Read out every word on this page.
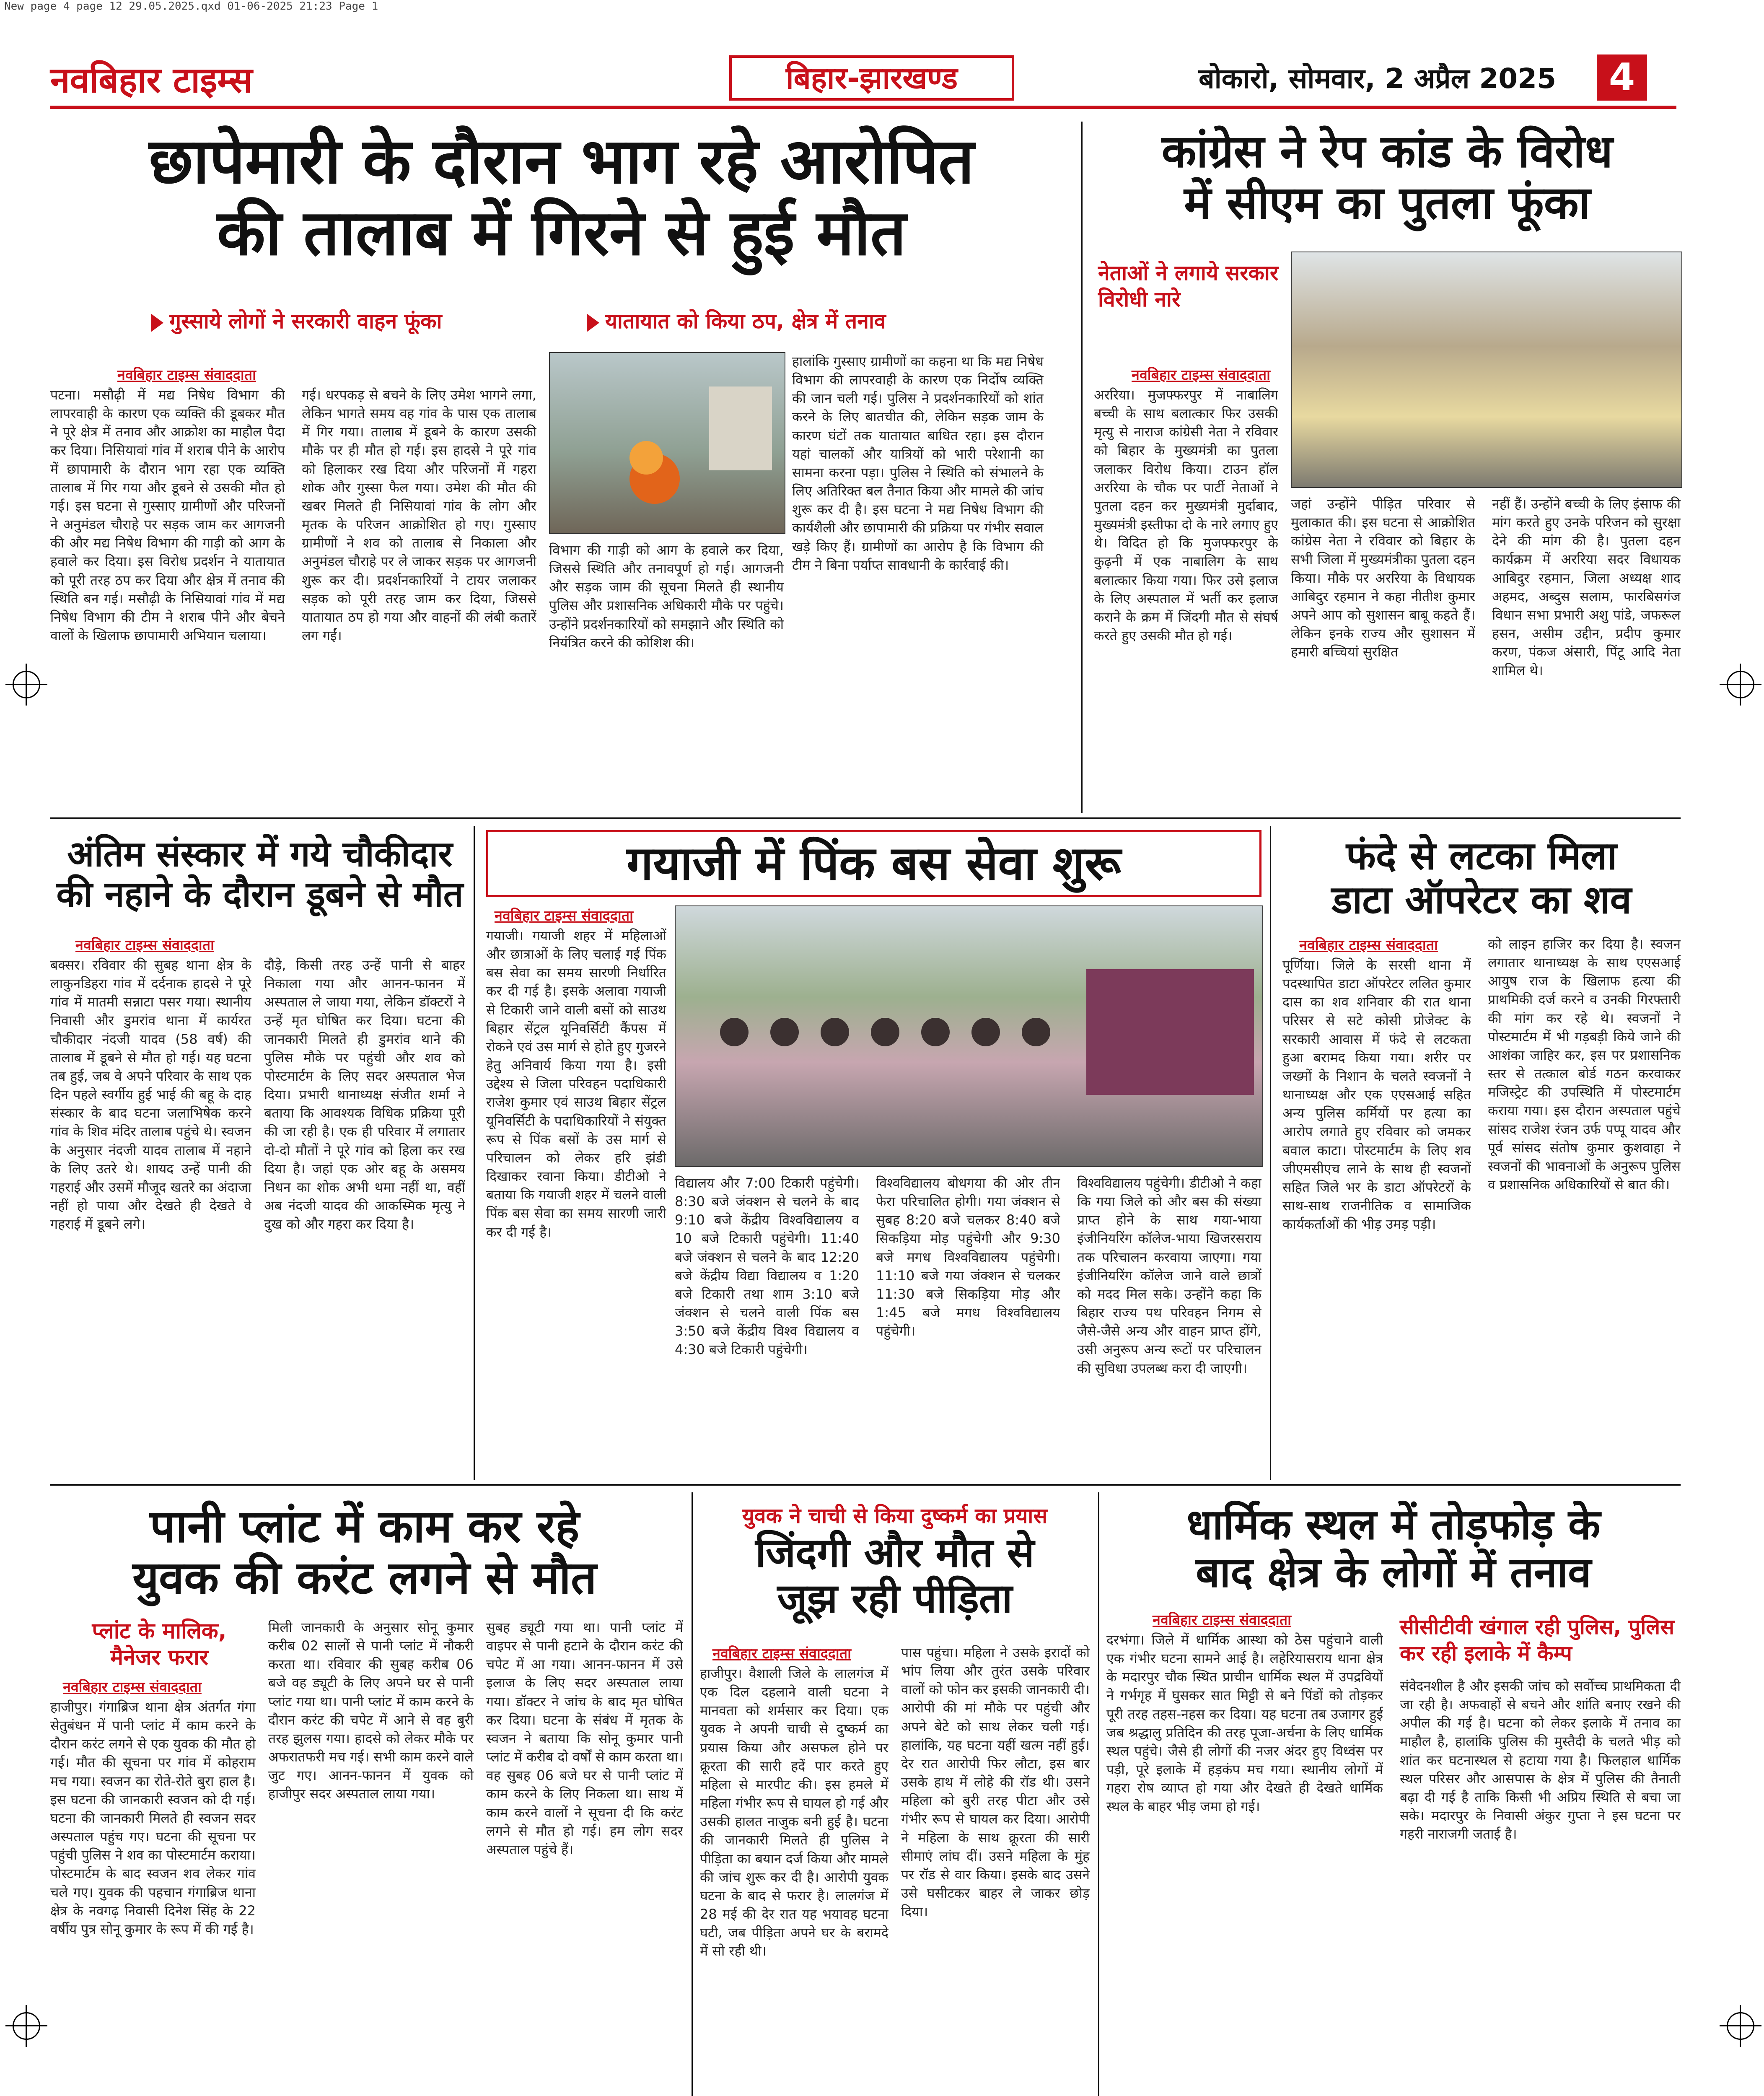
New page 4_page 12 29.05.2025.qxd 01-06-2025 21:23 Page 1
नवबिहार टाइम्स	बिहार-झारखण्ड	बोकारो, सोमवार, 2 अप्रैल 2025	4
छापेमारी के दौरान भाग रहे आरोपित
की तालाब में गिरने से हुई मौत
गुस्साये लोगों ने सरकारी वाहन फूंका	यातायात को किया ठप, क्षेत्र में तनाव
नवबिहार टाइम्स संवाददाता
पटना। मसौढ़ी में मद्य निषेध विभाग की लापरवाही के कारण एक व्यक्ति की डूबकर मौत ने पूरे क्षेत्र में तनाव और आक्रोश का माहौल पैदा कर दिया। निसियावां गांव में शराब पीने के आरोप में छापामारी के दौरान भाग रहा एक व्यक्ति तालाब में गिर गया और डूबने से उसकी मौत हो गई। इस घटना से गुस्साए ग्रामीणों और परिजनों ने अनुमंडल चौराहे पर सड़क जाम कर आगजनी की और मद्य निषेध विभाग की गाड़ी को आग के हवाले कर दिया। इस विरोध प्रदर्शन ने यातायात को पूरी तरह ठप कर दिया और क्षेत्र में तनाव की स्थिति बन गई। मसौढ़ी के निसियावां गांव में मद्य निषेध विभाग की टीम ने शराब पीने और बेचने वालों के खिलाफ छापामारी अभियान चलाया।
गई। धरपकड़ से बचने के लिए उमेश भागने लगा, लेकिन भागते समय वह गांव के पास एक तालाब में गिर गया। तालाब में डूबने के कारण उसकी मौके पर ही मौत हो गई। इस हादसे ने पूरे गांव को हिलाकर रख दिया और परिजनों में गहरा शोक और गुस्सा फैल गया। उमेश की मौत की खबर मिलते ही निसियावां गांव के लोग और मृतक के परिजन आक्रोशित हो गए। गुस्साए ग्रामीणों ने शव को तालाब से निकाला और अनुमंडल चौराहे पर ले जाकर सड़क पर आगजनी शुरू कर दी। प्रदर्शनकारियों ने टायर जलाकर सड़क को पूरी तरह जाम कर दिया, जिससे यातायात ठप हो गया और वाहनों की लंबी कतारें लग गईं।
हालांकि गुस्साए ग्रामीणों का कहना था कि मद्य निषेध विभाग की लापरवाही के कारण एक निर्दोष व्यक्ति की जान चली गई। पुलिस ने प्रदर्शनकारियों को शांत करने के लिए बातचीत की, लेकिन सड़क जाम के कारण घंटों तक यातायात बाधित रहा। इस दौरान यहां चालकों और यात्रियों को भारी परेशानी का सामना करना पड़ा। पुलिस ने स्थिति को संभालने के लिए अतिरिक्त बल तैनात किया और मामले की जांच शुरू कर दी है। इस घटना ने मद्य निषेध विभाग की कार्यशैली और छापामारी की प्रक्रिया पर गंभीर सवाल खड़े किए हैं। ग्रामीणों का आरोप है कि विभाग की टीम ने बिना पर्याप्त सावधानी के कार्रवाई की।
विभाग की गाड़ी को आग के हवाले कर दिया, जिससे स्थिति और तनावपूर्ण हो गई। आगजनी और सड़क जाम की सूचना मिलते ही स्थानीय पुलिस और प्रशासनिक अधिकारी मौके पर पहुंचे। उन्होंने प्रदर्शनकारियों को समझाने और स्थिति को नियंत्रित करने की कोशिश की।
कांग्रेस ने रेप कांड के विरोध
में सीएम का पुतला फूंका
नेताओं ने लगाये सरकार विरोधी नारे
नवबिहार टाइम्स संवाददाता
अररिया। मुजफ्फरपुर में नाबालिग बच्ची के साथ बलात्कार फिर उसकी मृत्यु से नाराज कांग्रेसी नेता ने रविवार को बिहार के मुख्यमंत्री का पुतला जलाकर विरोध किया। टाउन हॉल अररिया के चौक पर पार्टी नेताओं ने पुतला दहन कर मुख्यमंत्री मुर्दाबाद, मुख्यमंत्री इस्तीफा दो के नारे लगाए हुए थे। विदित हो कि मुजफ्फरपुर के कुढ़नी में एक नाबालिग के साथ बलात्कार किया गया। फिर उसे इलाज के लिए अस्पताल में भर्ती कर इलाज कराने के क्रम में जिंदगी मौत से संघर्ष करते हुए उसकी मौत हो गई।
जहां उन्होंने पीड़ित परिवार से मुलाकात की। इस घटना से आक्रोशित कांग्रेस नेता ने रविवार को बिहार के सभी जिला में मुख्यमंत्रीका पुतला दहन किया। मौके पर अररिया के विधायक आबिदुर रहमान ने कहा नीतीश कुमार अपने आप को सुशासन बाबू कहते हैं। लेकिन इनके राज्य और सुशासन में हमारी बच्चियां सुरक्षित
नहीं हैं। उन्होंने बच्ची के लिए इंसाफ की मांग करते हुए उनके परिजन को सुरक्षा देने की मांग की है। पुतला दहन कार्यक्रम में अररिया सदर विधायक आबिदुर रहमान, जिला अध्यक्ष शाद अहमद, अब्दुस सलाम, फारबिसगंज विधान सभा प्रभारी अशु पांडे, जफरूल हसन, असीम उद्दीन, प्रदीप कुमार करण, पंकज अंसारी, पिंटू आदि नेता शामिल थे।
अंतिम संस्कार में गये चौकीदार
की नहाने के दौरान डूबने से मौत
नवबिहार टाइम्स संवाददाता
बक्सर। रविवार की सुबह थाना क्षेत्र के लाकुनडिहरा गांव में दर्दनाक हादसे ने पूरे गांव में मातमी सन्नाटा पसर गया। स्थानीय निवासी और डुमरांव थाना में कार्यरत चौकीदार नंदजी यादव (58 वर्ष) की तालाब में डूबने से मौत हो गई। यह घटना तब हुई, जब वे अपने परिवार के साथ एक दिन पहले स्वर्गीय हुई भाई की बहू के दाह संस्कार के बाद घटना जलाभिषेक करने गांव के शिव मंदिर तालाब पहुंचे थे। स्वजन के अनुसार नंदजी यादव तालाब में नहाने के लिए उतरे थे। शायद उन्हें पानी की गहराई और उसमें मौजूद खतरे का अंदाजा नहीं हो पाया और देखते ही देखते वे गहराई में डूबने लगे।
दौड़े, किसी तरह उन्हें पानी से बाहर निकाला गया और आनन-फानन में अस्पताल ले जाया गया, लेकिन डॉक्टरों ने उन्हें मृत घोषित कर दिया। घटना की जानकारी मिलते ही डुमरांव थाने की पुलिस मौके पर पहुंची और शव को पोस्टमार्टम के लिए सदर अस्पताल भेज दिया। प्रभारी थानाध्यक्ष संजीत शर्मा ने बताया कि आवश्यक विधिक प्रक्रिया पूरी की जा रही है। एक ही परिवार में लगातार दो-दो मौतों ने पूरे गांव को हिला कर रख दिया है। जहां एक ओर बहू के असमय निधन का शोक अभी थमा नहीं था, वहीं अब नंदजी यादव की आकस्मिक मृत्यु ने दुख को और गहरा कर दिया है।
गयाजी में पिंक बस सेवा शुरू
नवबिहार टाइम्स संवाददाता
गयाजी। गयाजी शहर में महिलाओं और छात्राओं के लिए चलाई गई पिंक बस सेवा का समय सारणी निर्धारित कर दी गई है। इसके अलावा गयाजी से टिकारी जाने वाली बसों को साउथ बिहार सेंट्रल यूनिवर्सिटी कैंपस में रोकने एवं उस मार्ग से होते हुए गुजरने हेतु अनिवार्य किया गया है। इसी उद्देश्य से जिला परिवहन पदाधिकारी राजेश कुमार एवं साउथ बिहार सेंट्रल यूनिवर्सिटी के पदाधिकारियों ने संयुक्त रूप से पिंक बसों के उस मार्ग से परिचालन को लेकर हरि झंडी दिखाकर रवाना किया। डीटीओ ने बताया कि गयाजी शहर में चलने वाली पिंक बस सेवा का समय सारणी जारी कर दी गई है।
विद्यालय और 7:00 टिकारी पहुंचेगी। 8:30 बजे जंक्शन से चलने के बाद 9:10 बजे केंद्रीय विश्वविद्यालय व 10 बजे टिकारी पहुंचेगी। 11:40 बजे जंक्शन से चलने के बाद 12:20 बजे केंद्रीय विद्या विद्यालय व 1:20 बजे टिकारी तथा शाम 3:10 बजे जंक्शन से चलने वाली पिंक बस 3:50 बजे केंद्रीय विश्व विद्यालय व 4:30 बजे टिकारी पहुंचेगी।
विश्वविद्यालय बोधगया की ओर तीन फेरा परिचालित होगी। गया जंक्शन से सुबह 8:20 बजे चलकर 8:40 बजे सिकड़िया मोड़ पहुंचेगी और 9:30 बजे मगध विश्वविद्यालय पहुंचेगी। 11:10 बजे गया जंक्शन से चलकर 11:30 बजे सिकड़िया मोड़ और 1:45 बजे मगध विश्वविद्यालय पहुंचेगी।
विश्वविद्यालय पहुंचेगी। डीटीओ ने कहा कि गया जिले को और बस की संख्या प्राप्त होने के साथ गया-भाया इंजीनियरिंग कॉलेज-भाया खिजरसराय तक परिचालन करवाया जाएगा। गया इंजीनियरिंग कॉलेज जाने वाले छात्रों को मदद मिल सके। उन्होंने कहा कि बिहार राज्य पथ परिवहन निगम से जैसे-जैसे अन्य और वाहन प्राप्त होंगे, उसी अनुरूप अन्य रूटों पर परिचालन की सुविधा उपलब्ध करा दी जाएगी।
फंदे से लटका मिला
डाटा ऑपरेटर का शव
नवबिहार टाइम्स संवाददाता
पूर्णिया। जिले के सरसी थाना में पदस्थापित डाटा ऑपरेटर ललित कुमार दास का शव शनिवार की रात थाना परिसर से सटे कोसी प्रोजेक्ट के सरकारी आवास में फंदे से लटकता हुआ बरामद किया गया। शरीर पर जख्मों के निशान के चलते स्वजनों ने थानाध्यक्ष और एक एएसआई सहित अन्य पुलिस कर्मियों पर हत्या का आरोप लगाते हुए रविवार को जमकर बवाल काटा। पोस्टमार्टम के लिए शव जीएमसीएच लाने के साथ ही स्वजनों सहित जिले भर के डाटा ऑपरेटरों के साथ-साथ राजनीतिक व सामाजिक कार्यकर्ताओं की भीड़ उमड़ पड़ी।
को लाइन हाजिर कर दिया है। स्वजन लगातार थानाध्यक्ष के साथ एएसआई आयुष राज के खिलाफ हत्या की प्राथमिकी दर्ज करने व उनकी गिरफ्तारी की मांग कर रहे थे। स्वजनों ने पोस्टमार्टम में भी गड़बड़ी किये जाने की आशंका जाहिर कर, इस पर प्रशासनिक स्तर से तत्काल बोर्ड गठन करवाकर मजिस्ट्रेट की उपस्थिति में पोस्टमार्टम कराया गया। इस दौरान अस्पताल पहुंचे सांसद राजेश रंजन उर्फ पप्पू यादव और पूर्व सांसद संतोष कुमार कुशवाहा ने स्वजनों की भावनाओं के अनुरूप पुलिस व प्रशासनिक अधिकारियों से बात की।
पानी प्लांट में काम कर रहे
युवक की करंट लगने से मौत
प्लांट के मालिक, मैनेजर फरार
नवबिहार टाइम्स संवाददाता
हाजीपुर। गंगाब्रिज थाना क्षेत्र अंतर्गत गंगा सेतुबंधन में पानी प्लांट में काम करने के दौरान करंट लगने से एक युवक की मौत हो गई। मौत की सूचना पर गांव में कोहराम मच गया। स्वजन का रोते-रोते बुरा हाल है। इस घटना की जानकारी स्वजन को दी गई। घटना की जानकारी मिलते ही स्वजन सदर अस्पताल पहुंच गए। घटना की सूचना पर पहुंची पुलिस ने शव का पोस्टमार्टम कराया। पोस्टमार्टम के बाद स्वजन शव लेकर गांव चले गए। युवक की पहचान गंगाब्रिज थाना क्षेत्र के नवगढ़ निवासी दिनेश सिंह के 22 वर्षीय पुत्र सोनू कुमार के रूप में की गई है।
मिली जानकारी के अनुसार सोनू कुमार करीब 02 सालों से पानी प्लांट में नौकरी करता था। रविवार की सुबह करीब 06 बजे वह ड्यूटी के लिए अपने घर से पानी प्लांट गया था। पानी प्लांट में काम करने के दौरान करंट की चपेट में आने से वह बुरी तरह झुलस गया। हादसे को लेकर मौके पर अफरातफरी मच गई। सभी काम करने वाले जुट गए। आनन-फानन में युवक को हाजीपुर सदर अस्पताल लाया गया।
सुबह ड्यूटी गया था। पानी प्लांट में वाइपर से पानी हटाने के दौरान करंट की चपेट में आ गया। आनन-फानन में उसे इलाज के लिए सदर अस्पताल लाया गया। डॉक्टर ने जांच के बाद मृत घोषित कर दिया। घटना के संबंध में मृतक के स्वजन ने बताया कि सोनू कुमार पानी प्लांट में करीब दो वर्षों से काम करता था। वह सुबह 06 बजे घर से पानी प्लांट में काम करने के लिए निकला था। साथ में काम करने वालों ने सूचना दी कि करंट लगने से मौत हो गई। हम लोग सदर अस्पताल पहुंचे हैं।
युवक ने चाची से किया दुष्कर्म का प्रयास
जिंदगी और मौत से
जूझ रही पीड़िता
नवबिहार टाइम्स संवाददाता
हाजीपुर। वैशाली जिले के लालगंज में एक दिल दहलाने वाली घटना ने मानवता को शर्मसार कर दिया। एक युवक ने अपनी चाची से दुष्कर्म का प्रयास किया और असफल होने पर क्रूरता की सारी हदें पार करते हुए महिला से मारपीट की। इस हमले में महिला गंभीर रूप से घायल हो गई और उसकी हालत नाजुक बनी हुई है। घटना की जानकारी मिलते ही पुलिस ने पीड़िता का बयान दर्ज किया और मामले की जांच शुरू कर दी है। आरोपी युवक घटना के बाद से फरार है। लालगंज में 28 मई की देर रात यह भयावह घटना घटी, जब पीड़िता अपने घर के बरामदे में सो रही थी।
पास पहुंचा। महिला ने उसके इरादों को भांप लिया और तुरंत उसके परिवार वालों को फोन कर इसकी जानकारी दी। आरोपी की मां मौके पर पहुंची और अपने बेटे को साथ लेकर चली गई। हालांकि, यह घटना यहीं खत्म नहीं हुई। देर रात आरोपी फिर लौटा, इस बार उसके हाथ में लोहे की रॉड थी। उसने महिला को बुरी तरह पीटा और उसे गंभीर रूप से घायल कर दिया। आरोपी ने महिला के साथ क्रूरता की सारी सीमाएं लांघ दीं। उसने महिला के मुंह पर रॉड से वार किया। इसके बाद उसने उसे घसीटकर बाहर ले जाकर छोड़ दिया।
धार्मिक स्थल में तोड़फोड़ के
बाद क्षेत्र के लोगों में तनाव
सीसीटीवी खंगाल रही पुलिस, पुलिस कर रही इलाके में कैम्प
नवबिहार टाइम्स संवाददाता
दरभंगा। जिले में धार्मिक आस्था को ठेस पहुंचाने वाली एक गंभीर घटना सामने आई है। लहेरियासराय थाना क्षेत्र के मदारपुर चौक स्थित प्राचीन धार्मिक स्थल में उपद्रवियों ने गर्भगृह में घुसकर सात मिट्टी से बने पिंडों को तोड़कर पूरी तरह तहस-नहस कर दिया। यह घटना तब उजागर हुई जब श्रद्धालु प्रतिदिन की तरह पूजा-अर्चना के लिए धार्मिक स्थल पहुंचे। जैसे ही लोगों की नजर अंदर हुए विध्वंस पर पड़ी, पूरे इलाके में हड़कंप मच गया। स्थानीय लोगों में गहरा रोष व्याप्त हो गया और देखते ही देखते धार्मिक स्थल के बाहर भीड़ जमा हो गई।
संवेदनशील है और इसकी जांच को सर्वोच्च प्राथमिकता दी जा रही है। अफवाहों से बचने और शांति बनाए रखने की अपील की गई है। घटना को लेकर इलाके में तनाव का माहौल है, हालांकि पुलिस की मुस्तैदी के चलते भीड़ को शांत कर घटनास्थल से हटाया गया है। फिलहाल धार्मिक स्थल परिसर और आसपास के क्षेत्र में पुलिस की तैनाती बढ़ा दी गई है ताकि किसी भी अप्रिय स्थिति से बचा जा सके। मदारपुर के निवासी अंकुर गुप्ता ने इस घटना पर गहरी नाराजगी जताई है।
